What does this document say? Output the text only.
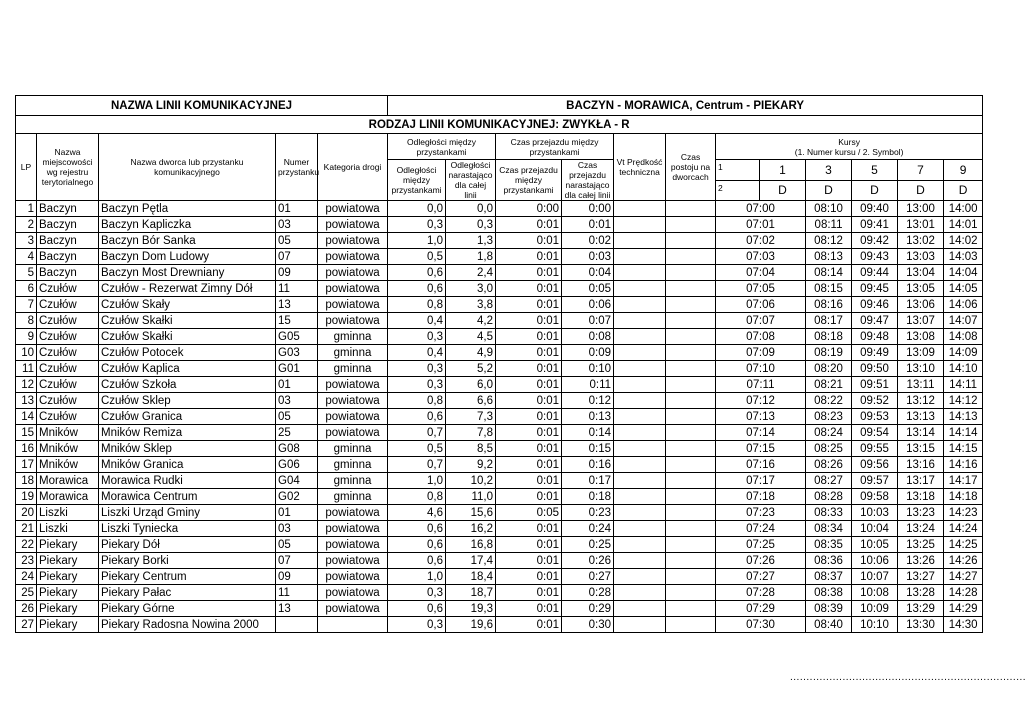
NAZWA LINII KOMUNIKACYJNEJ					BACZYN - MORAWICA, Centrum - PIEKARY												
RODZAJ LINII KOMUNIKACYJNEJ: ZWYKŁA - R																	
LP	Nazwa miejscowości wg rejestru terytorialnego	Nazwa dworca lub przystanku komunikacyjnego	Numer przystanku	Kategoria drogi	Odległości między przystankami		Czas przejazdu między przystankami		Vt Prędkość techniczna	Czas postoju na dworcach	Kursy
(1. Numer kursu / 2. Symbol)						
					Odległości między przystankami	Odległości narastająco dla całej linii	Czas przejazdu między przystankami	Czas przejazdu narastająco dla całej linii			1	1	3	5	7	9	
											2	D	D	D	D	D	
1	Baczyn	Baczyn Pętla	01	powiatowa	0,0	0,0	0:00	0:00			07:00		08:10	09:40	13:00	14:00	
2	Baczyn	Baczyn Kapliczka	03	powiatowa	0,3	0,3	0:01	0:01			07:01		08:11	09:41	13:01	14:01	
3	Baczyn	Baczyn Bór Sanka	05	powiatowa	1,0	1,3	0:01	0:02			07:02		08:12	09:42	13:02	14:02	
4	Baczyn	Baczyn Dom Ludowy	07	powiatowa	0,5	1,8	0:01	0:03			07:03		08:13	09:43	13:03	14:03	
5	Baczyn	Baczyn Most Drewniany	09	powiatowa	0,6	2,4	0:01	0:04			07:04		08:14	09:44	13:04	14:04	
6	Czułów	Czułów - Rezerwat Zimny Dół	11	powiatowa	0,6	3,0	0:01	0:05			07:05		08:15	09:45	13:05	14:05	
7	Czułów	Czułów Skały	13	powiatowa	0,8	3,8	0:01	0:06			07:06		08:16	09:46	13:06	14:06	
8	Czułów	Czułów Skałki	15	powiatowa	0,4	4,2	0:01	0:07			07:07		08:17	09:47	13:07	14:07	
9	Czułów	Czułów Skałki	G05	gminna	0,3	4,5	0:01	0:08			07:08		08:18	09:48	13:08	14:08	
10	Czułów	Czułów Potocek	G03	gminna	0,4	4,9	0:01	0:09			07:09		08:19	09:49	13:09	14:09	
11	Czułów	Czułów Kaplica	G01	gminna	0,3	5,2	0:01	0:10			07:10		08:20	09:50	13:10	14:10	
12	Czułów	Czułów Szkoła	01	powiatowa	0,3	6,0	0:01	0:11			07:11		08:21	09:51	13:11	14:11	
13	Czułów	Czułów Sklep	03	powiatowa	0,8	6,6	0:01	0:12			07:12		08:22	09:52	13:12	14:12	
14	Czułów	Czułów Granica	05	powiatowa	0,6	7,3	0:01	0:13			07:13		08:23	09:53	13:13	14:13	
15	Mników	Mników Remiza	25	powiatowa	0,7	7,8	0:01	0:14			07:14		08:24	09:54	13:14	14:14	
16	Mników	Mników Sklep	G08	gminna	0,5	8,5	0:01	0:15			07:15		08:25	09:55	13:15	14:15	
17	Mników	Mników Granica	G06	gminna	0,7	9,2	0:01	0:16			07:16		08:26	09:56	13:16	14:16	
18	Morawica	Morawica Rudki	G04	gminna	1,0	10,2	0:01	0:17			07:17		08:27	09:57	13:17	14:17	
19	Morawica	Morawica Centrum	G02	gminna	0,8	11,0	0:01	0:18			07:18		08:28	09:58	13:18	14:18	
20	Liszki	Liszki Urząd Gminy	01	powiatowa	4,6	15,6	0:05	0:23			07:23		08:33	10:03	13:23	14:23	
21	Liszki	Liszki Tyniecka	03	powiatowa	0,6	16,2	0:01	0:24			07:24		08:34	10:04	13:24	14:24	
22	Piekary	Piekary Dół	05	powiatowa	0,6	16,8	0:01	0:25			07:25		08:35	10:05	13:25	14:25	
23	Piekary	Piekary Borki	07	powiatowa	0,6	17,4	0:01	0:26			07:26		08:36	10:06	13:26	14:26	
24	Piekary	Piekary Centrum	09	powiatowa	1,0	18,4	0:01	0:27			07:27		08:37	10:07	13:27	14:27	
25	Piekary	Piekary Pałac	11	powiatowa	0,3	18,7	0:01	0:28			07:28		08:38	10:08	13:28	14:28	
26	Piekary	Piekary Górne	13	powiatowa	0,6	19,3	0:01	0:29			07:29		08:39	10:09	13:29	14:29	
27	Piekary	Piekary Radosna Nowina 2000			0,3	19,6	0:01	0:30			07:30		08:40	10:10	13:30	14:30	
........................................................................
